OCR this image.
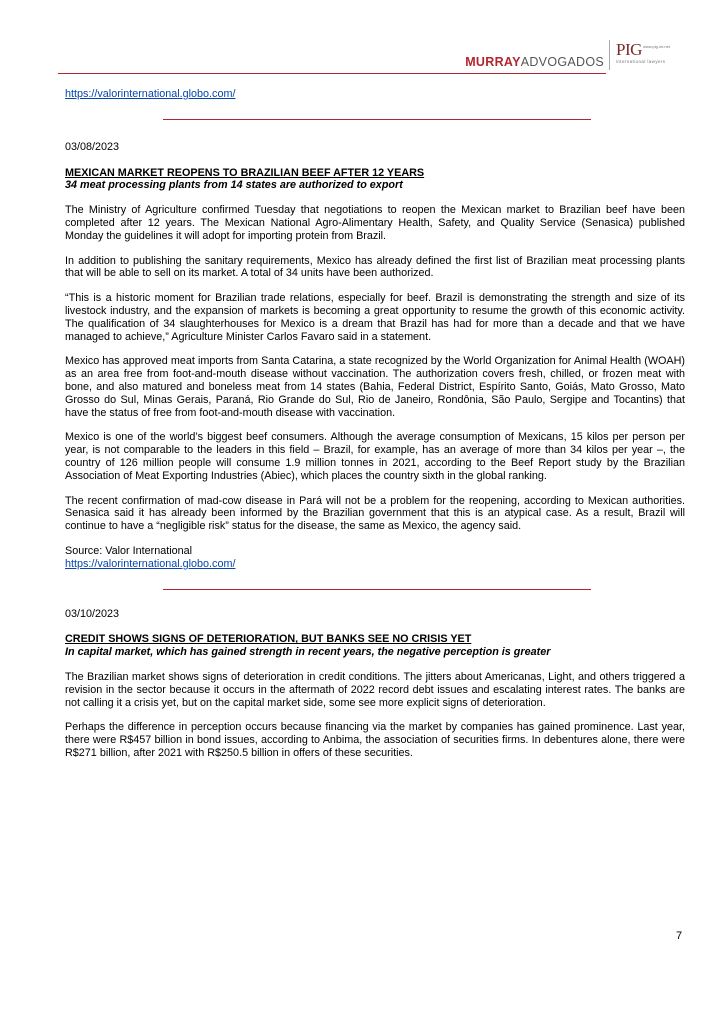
MURRAYADVOGADOS
PIG www.pig.int.net
international lawyers

https://valorinternational.globo.com/

03/08/2023

MEXICAN MARKET REOPENS TO BRAZILIAN BEEF AFTER 12 YEARS

34 meat processing plants from 14 states are authorized to export

The Ministry of Agriculture confirmed Tuesday that negotiations to reopen the Mexican market to Brazilian beef have been completed after 12 years. The Mexican National Agro-Alimentary Health, Safety, and Quality Service (Senasica) published Monday the guidelines it will adopt for importing protein from Brazil.

In addition to publishing the sanitary requirements, Mexico has already defined the first list of Brazilian meat processing plants that will be able to sell on its market. A total of 34 units have been authorized.

“This is a historic moment for Brazilian trade relations, especially for beef. Brazil is demonstrating the strength and size of its livestock industry, and the expansion of markets is becoming a great opportunity to resume the growth of this economic activity. The qualification of 34 slaughterhouses for Mexico is a dream that Brazil has had for more than a decade and that we have managed to achieve,” Agriculture Minister Carlos Favaro said in a statement.

Mexico has approved meat imports from Santa Catarina, a state recognized by the World Organization for Animal Health (WOAH) as an area free from foot-and-mouth disease without vaccination. The authorization covers fresh, chilled, or frozen meat with bone, and also matured and boneless meat from 14 states (Bahia, Federal District, Espírito Santo, Goiás, Mato Grosso, Mato Grosso do Sul, Minas Gerais, Paraná, Rio Grande do Sul, Rio de Janeiro, Rondônia, São Paulo, Sergipe and Tocantins) that have the status of free from foot-and-mouth disease with vaccination.

Mexico is one of the world’s biggest beef consumers. Although the average consumption of Mexicans, 15 kilos per person per year, is not comparable to the leaders in this field – Brazil, for example, has an average of more than 34 kilos per year –, the country of 126 million people will consume 1.9 million tonnes in 2021, according to the Beef Report study by the Brazilian Association of Meat Exporting Industries (Abiec), which places the country sixth in the global ranking.

The recent confirmation of mad-cow disease in Pará will not be a problem for the reopening, according to Mexican authorities. Senasica said it has already been informed by the Brazilian government that this is an atypical case. As a result, Brazil will continue to have a “negligible risk” status for the disease, the same as Mexico, the agency said.

Source: Valor International

https://valorinternational.globo.com/

03/10/2023

CREDIT SHOWS SIGNS OF DETERIORATION, BUT BANKS SEE NO CRISIS YET

In capital market, which has gained strength in recent years, the negative perception is greater

The Brazilian market shows signs of deterioration in credit conditions. The jitters about Americanas, Light, and others triggered a revision in the sector because it occurs in the aftermath of 2022 record debt issues and escalating interest rates. The banks are not calling it a crisis yet, but on the capital market side, some see more explicit signs of deterioration.

Perhaps the difference in perception occurs because financing via the market by companies has gained prominence. Last year, there were R$457 billion in bond issues, according to Anbima, the association of securities firms. In debentures alone, there were R$271 billion, after 2021 with R$250.5 billion in offers of these securities.

7
